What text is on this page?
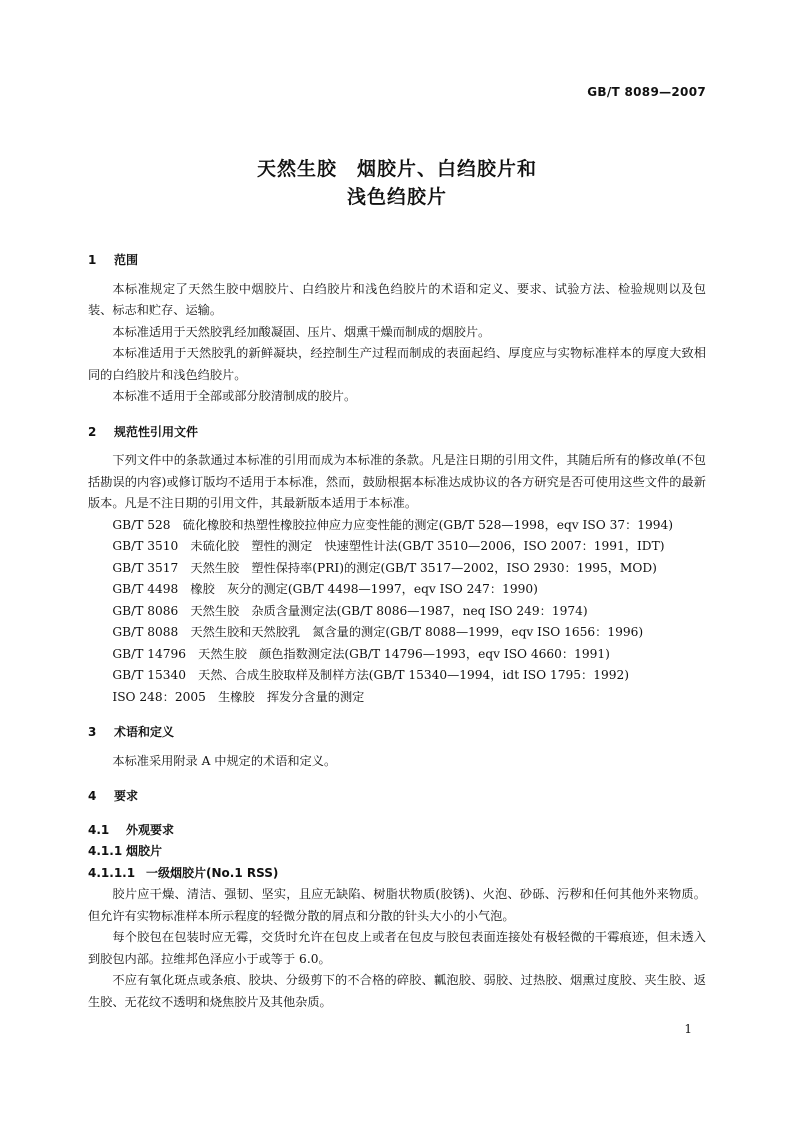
GB/T 8089—2007
天然生胶　烟胶片、白绉胶片和
浅色绉胶片
1 范围

本标准规定了天然生胶中烟胶片、白绉胶片和浅色绉胶片的术语和定义、要求、试验方法、检验规则以及包装、标志和贮存、运输。

本标准适用于天然胶乳经加酸凝固、压片、烟熏干燥而制成的烟胶片。

本标准适用于天然胶乳的新鲜凝块，经控制生产过程而制成的表面起绉、厚度应与实物标准样本的厚度大致相同的白绉胶片和浅色绉胶片。

本标准不适用于全部或部分胶清制成的胶片。

2 规范性引用文件

下列文件中的条款通过本标准的引用而成为本标准的条款。凡是注日期的引用文件，其随后所有的修改单(不包括勘误的内容)或修订版均不适用于本标准，然而，鼓励根据本标准达成协议的各方研究是否可使用这些文件的最新版本。凡是不注日期的引用文件，其最新版本适用于本标准。

GB/T 528　硫化橡胶和热塑性橡胶拉伸应力应变性能的测定(GB/T 528—1998，eqv ISO 37：1994)

GB/T 3510　未硫化胶　塑性的测定　快速塑性计法(GB/T 3510—2006，ISO 2007：1991，IDT)
GB/T 3517　天然生胶　塑性保持率(PRI)的测定(GB/T 3517—2002，ISO 2930：1995，MOD)
GB/T 4498　橡胶　灰分的测定(GB/T 4498—1997，eqv ISO 247：1990)
GB/T 8086　天然生胶　杂质含量测定法(GB/T 8086—1987，neq ISO 249：1974)
GB/T 8088　天然生胶和天然胶乳　氮含量的测定(GB/T 8088—1999，eqv ISO 1656：1996)
GB/T 14796　天然生胶　颜色指数测定法(GB/T 14796—1993，eqv ISO 4660：1991)
GB/T 15340　天然、合成生胶取样及制样方法(GB/T 15340—1994，idt ISO 1795：1992)
ISO 248：2005　生橡胶　挥发分含量的测定
3 术语和定义

本标准采用附录 A 中规定的术语和定义。

4 要求
4.1 外观要求
4.1.1 烟胶片
4.1.1.1 一级烟胶片(No.1 RSS)

胶片应干燥、清洁、强韧、坚实，且应无缺陷、树脂状物质(胶锈)、火泡、砂砾、污秽和任何其他外来物质。但允许有实物标准样本所示程度的轻微分散的屑点和分散的针头大小的小气泡。

每个胶包在包装时应无霉，交货时允许在包皮上或者在包皮与胶包表面连接处有极轻微的干霉痕迹，但未透入到胶包内部。拉维邦色泽应小于或等于 6.0。

不应有氧化斑点或条痕、胶块、分级剪下的不合格的碎胶、瓤泡胶、弱胶、过热胶、烟熏过度胶、夹生胶、返生胶、无花纹不透明和烧焦胶片及其他杂质。

1
